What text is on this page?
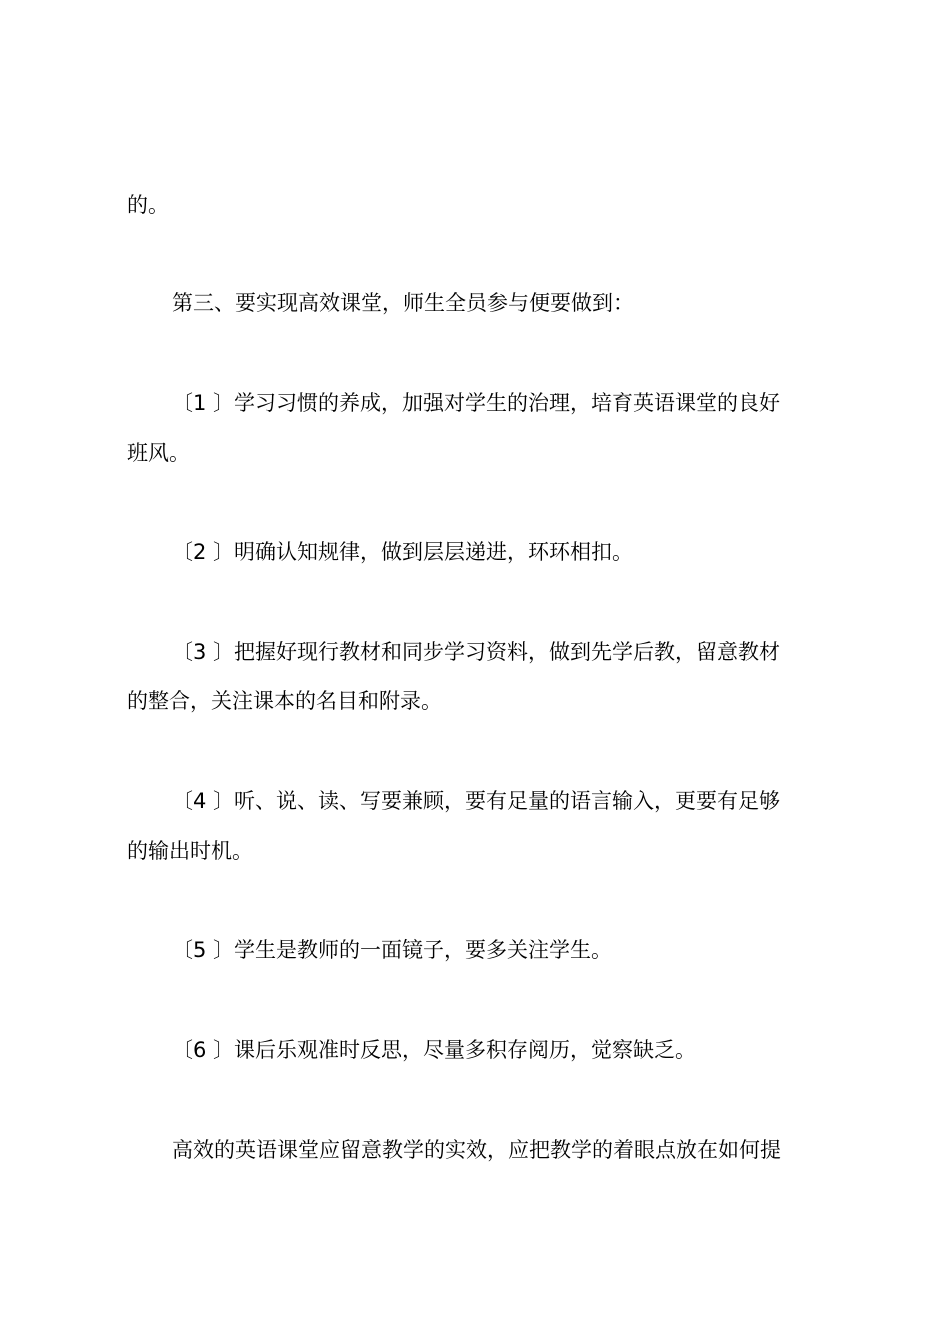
的。
第三、要实现高效课堂，师生全员参与便要做到：
〔1 〕学习习惯的养成，加强对学生的治理，培育英语课堂的良好
班风。
〔2 〕明确认知规律，做到层层递进，环环相扣。
〔3 〕把握好现行教材和同步学习资料，做到先学后教，留意教材
的整合，关注课本的名目和附录。
〔4 〕听、说、读、写要兼顾，要有足量的语言输入，更要有足够
的输出时机。
〔5 〕学生是教师的一面镜子，要多关注学生。
〔6 〕课后乐观准时反思，尽量多积存阅历，觉察缺乏。
高效的英语课堂应留意教学的实效，应把教学的着眼点放在如何提
